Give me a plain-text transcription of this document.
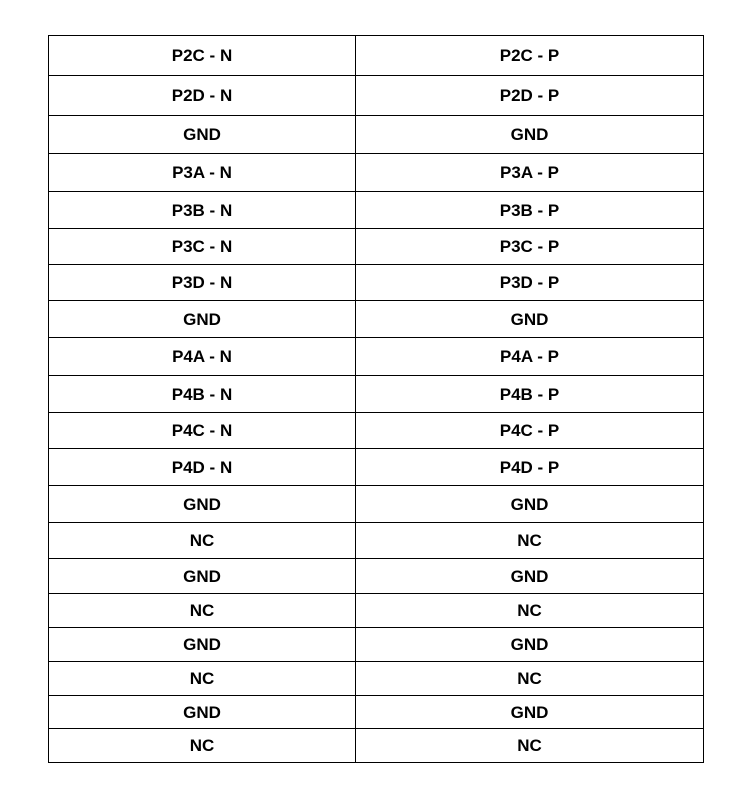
P2C - N	P2C - P
P2D - N	P2D - P
GND	GND
P3A - N	P3A - P
P3B - N	P3B - P
P3C - N	P3C - P
P3D - N	P3D - P
GND	GND
P4A - N	P4A - P
P4B - N	P4B - P
P4C - N	P4C - P
P4D - N	P4D - P
GND	GND
NC	NC
GND	GND
NC	NC
GND	GND
NC	NC
GND	GND
NC	NC
